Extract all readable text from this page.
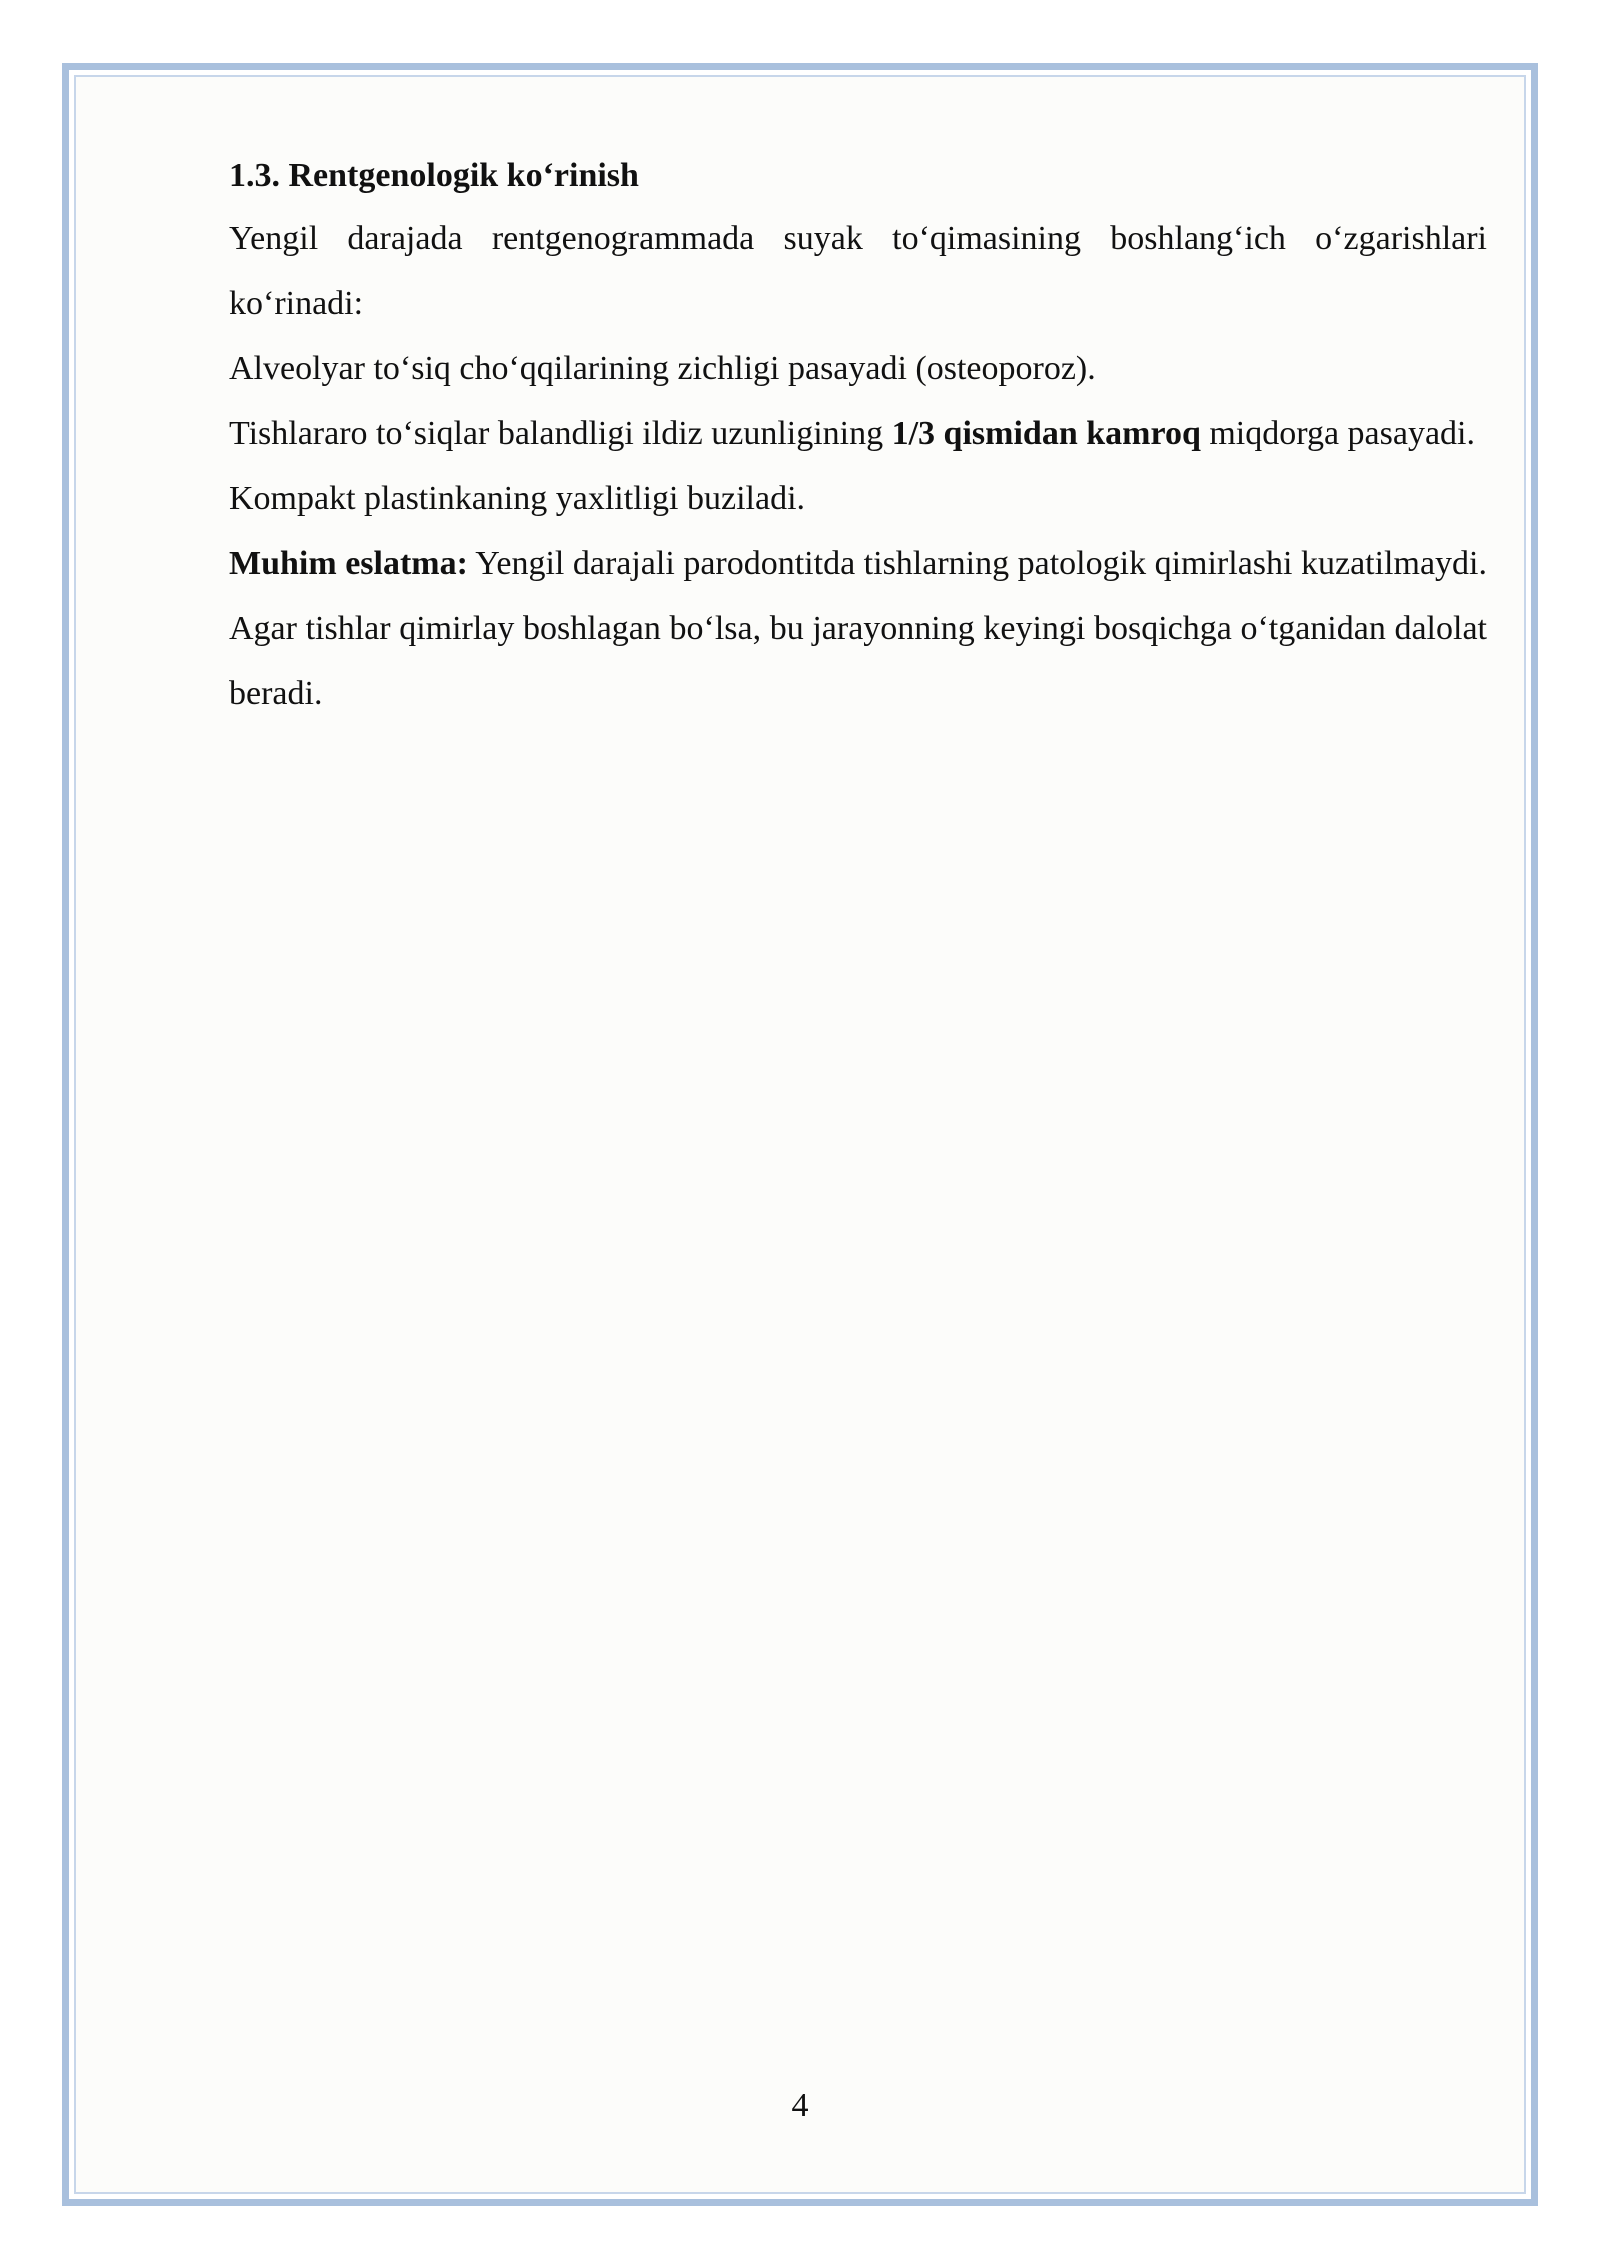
1.3. Rentgenologik ko‘rinish

Yengil darajada rentgenogrammada suyak to‘qimasining boshlang‘ich o‘zgarishlari ko‘rinadi:

Alveolyar to‘siq cho‘qqilarining zichligi pasayadi (osteoporoz).

Tishlararo to‘siqlar balandligi ildiz uzunligining 1/3 qismidan kamroq miqdorga pasayadi.

Kompakt plastinkaning yaxlitligi buziladi.

Muhim eslatma: Yengil darajali parodontitda tishlarning patologik qimirlashi kuzatilmaydi. Agar tishlar qimirlay boshlagan bo‘lsa, bu jarayonning keyingi bosqichga o‘tganidan dalolat beradi.

4
